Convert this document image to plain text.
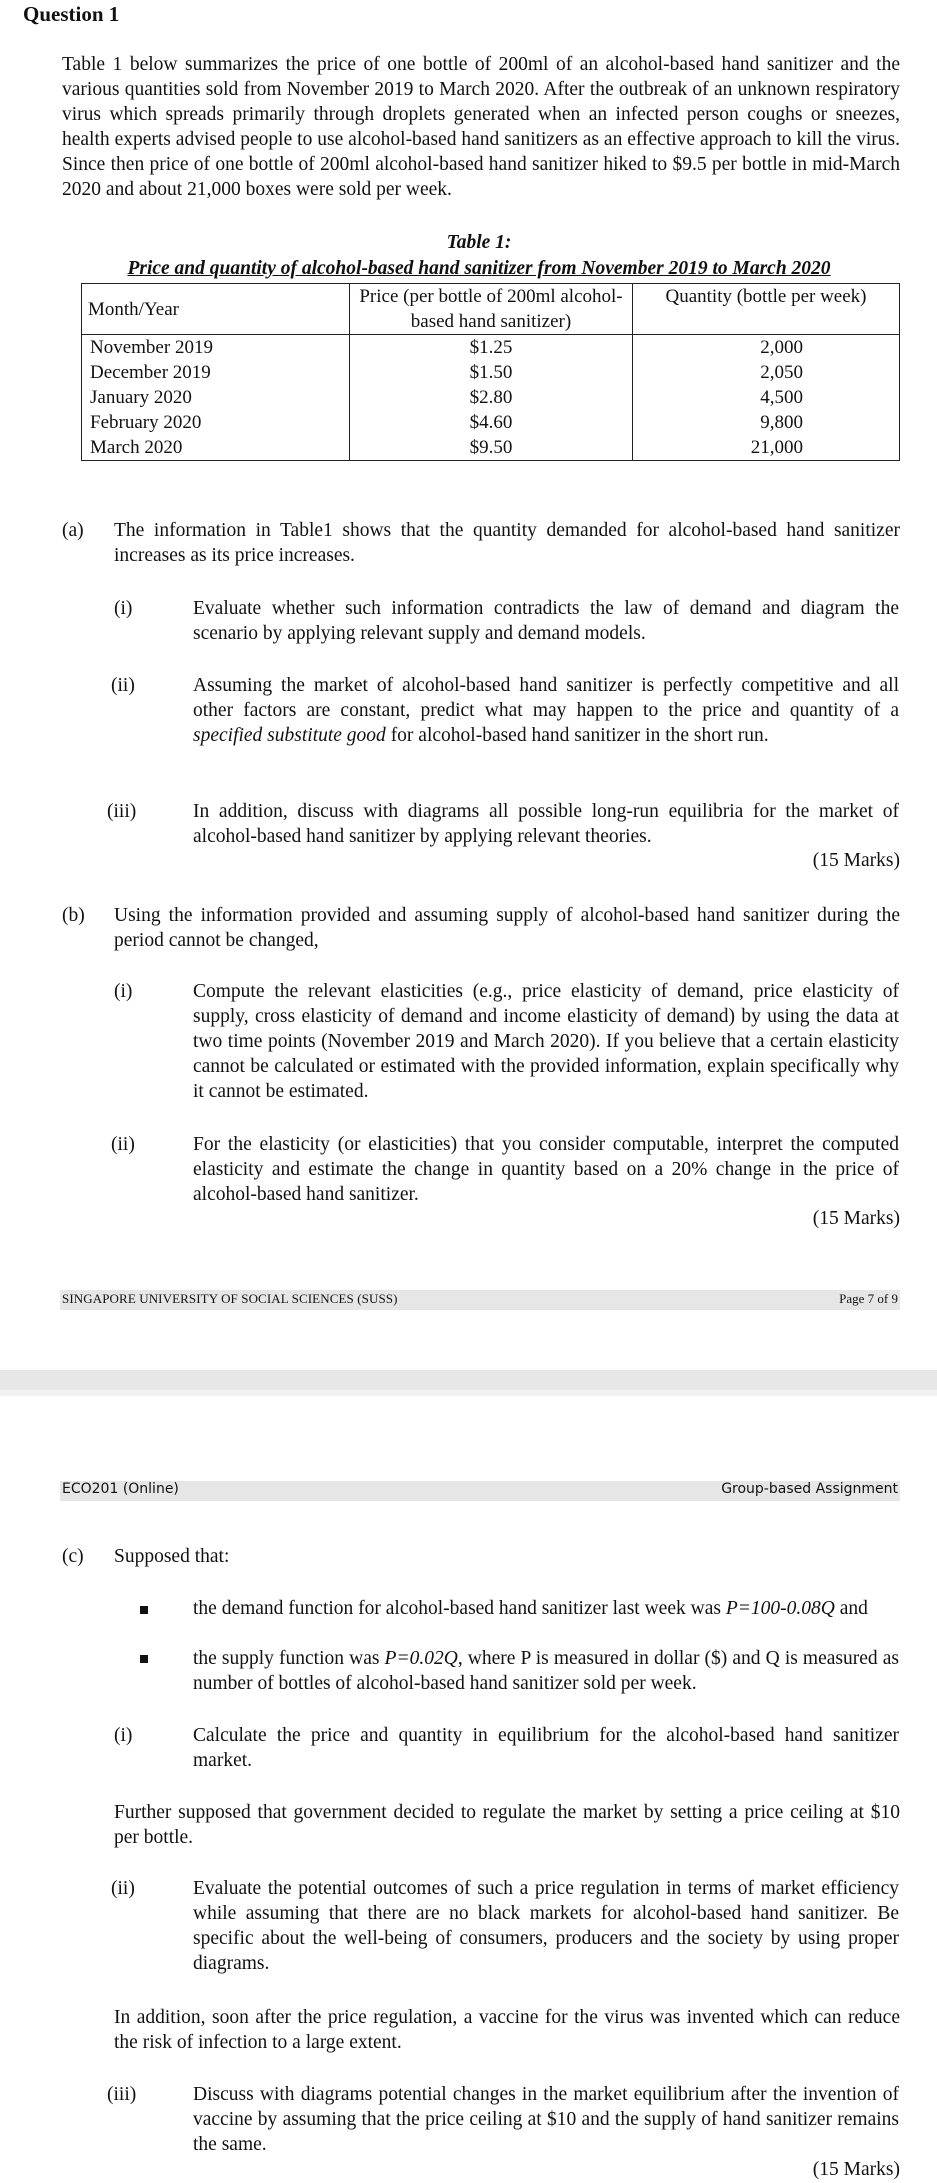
Question 1
Table 1 below summarizes the price of one bottle of 200ml of an alcohol-based hand sanitizer and the various quantities sold from November 2019 to March 2020. After the outbreak of an unknown respiratory virus which spreads primarily through droplets generated when an infected person coughs or sneezes, health experts advised people to use alcohol-based hand sanitizers as an effective approach to kill the virus. Since then price of one bottle of 200ml alcohol-based hand sanitizer hiked to $9.5 per bottle in mid-March 2020 and about 21,000 boxes were sold per week.
Table 1:
Price and quantity of alcohol-based hand sanitizer from November 2019 to March 2020
Month/Year	Price (per bottle of 200ml alcohol-based hand sanitizer)	Quantity (bottle per week)
November 2019	$1.25	2,000
December 2019	$1.50	2,050
January 2020	$2.80	4,500
February 2020	$4.60	9,800
March 2020	$9.50	21,000
(a) The information in Table1 shows that the quantity demanded for alcohol-based hand sanitizer increases as its price increases.
(i)	Evaluate whether such information contradicts the law of demand and diagram the scenario by applying relevant supply and demand models.
(ii)	Assuming the market of alcohol-based hand sanitizer is perfectly competitive and all other factors are constant, predict what may happen to the price and quantity of a specified substitute good for alcohol-based hand sanitizer in the short run.
(iii)	In addition, discuss with diagrams all possible long-run equilibria for the market of alcohol-based hand sanitizer by applying relevant theories.
(15 Marks)
(b) Using the information provided and assuming supply of alcohol-based hand sanitizer during the period cannot be changed,
(i)	Compute the relevant elasticities (e.g., price elasticity of demand, price elasticity of supply, cross elasticity of demand and income elasticity of demand) by using the data at two time points (November 2019 and March 2020). If you believe that a certain elasticity cannot be calculated or estimated with the provided information, explain specifically why it cannot be estimated.
(ii)	For the elasticity (or elasticities) that you consider computable, interpret the computed elasticity and estimate the change in quantity based on a 20% change in the price of alcohol-based hand sanitizer.
(15 Marks)
SINGAPORE UNIVERSITY OF SOCIAL SCIENCES (SUSS)	Page 7 of 9
ECO201 (Online)	Group-based Assignment
(c) Supposed that:
the demand function for alcohol-based hand sanitizer last week was P=100-0.08Q and
the supply function was P=0.02Q, where P is measured in dollar ($) and Q is measured as number of bottles of alcohol-based hand sanitizer sold per week.
(i)	Calculate the price and quantity in equilibrium for the alcohol-based hand sanitizer market.
Further supposed that government decided to regulate the market by setting a price ceiling at $10 per bottle.
(ii)	Evaluate the potential outcomes of such a price regulation in terms of market efficiency while assuming that there are no black markets for alcohol-based hand sanitizer. Be specific about the well-being of consumers, producers and the society by using proper diagrams.
In addition, soon after the price regulation, a vaccine for the virus was invented which can reduce the risk of infection to a large extent.
(iii)	Discuss with diagrams potential changes in the market equilibrium after the invention of vaccine by assuming that the price ceiling at $10 and the supply of hand sanitizer remains the same.
(15 Marks)
